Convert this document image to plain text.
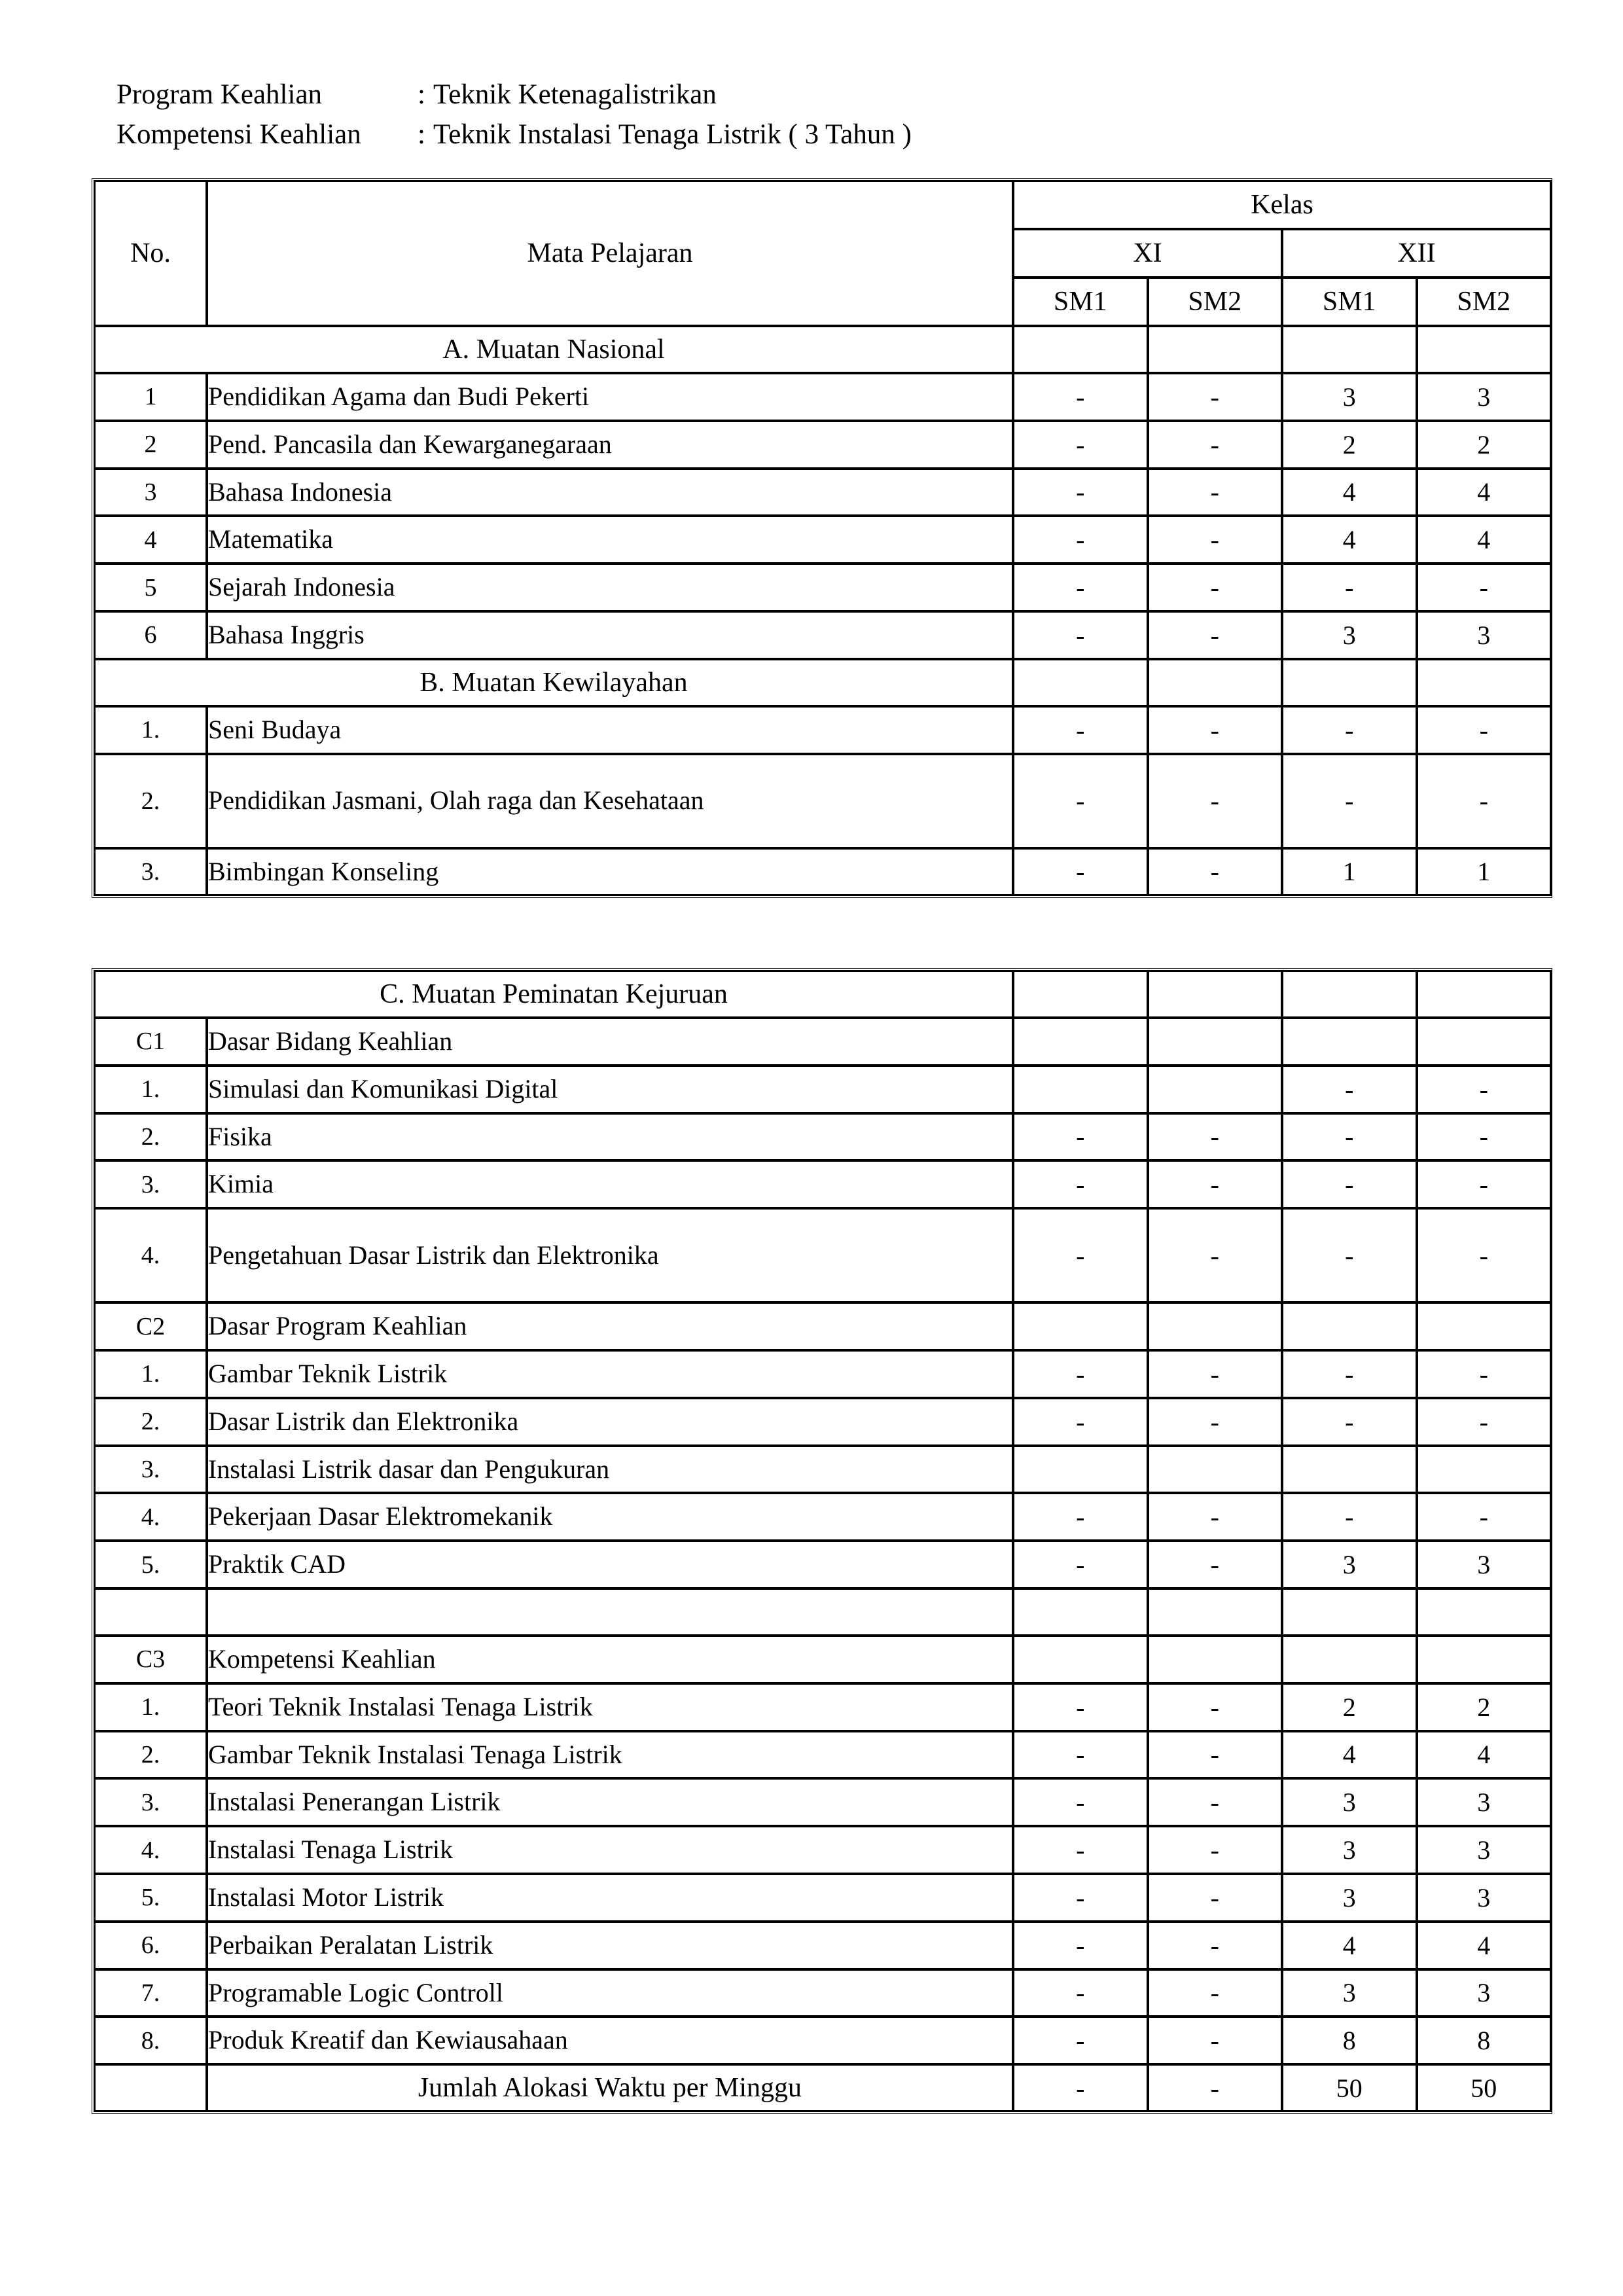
Program Keahlian	: Teknik Ketenagalistrikan
Kompetensi Keahlian	: Teknik Instalasi Tenaga Listrik ( 3 Tahun )
No.	Mata Pelajaran	Kelas			
		XI		XII	
		SM1	SM2	SM1	SM2
A. Muatan Nasional					
1	Pendidikan Agama dan Budi Pekerti	-	-	3	3
2	Pend. Pancasila dan Kewarganegaraan	-	-	2	2
3	Bahasa Indonesia	-	-	4	4
4	Matematika	-	-	4	4
5	Sejarah Indonesia	-	-	-	-
6	Bahasa Inggris	-	-	3	3
B. Muatan Kewilayahan					
1.	Seni Budaya	-	-	-	-
2.	Pendidikan Jasmani, Olah raga dan Kesehataan	-	-	-	-
3.	Bimbingan Konseling	-	-	1	1
C. Muatan Peminatan Kejuruan					
C1	Dasar Bidang Keahlian				
1.	Simulasi dan Komunikasi Digital			-	-
2.	Fisika	-	-	-	-
3.	Kimia	-	-	-	-
4.	Pengetahuan Dasar Listrik dan Elektronika	-	-	-	-
C2	Dasar Program Keahlian				
1.	Gambar Teknik Listrik	-	-	-	-
2.	Dasar Listrik dan Elektronika	-	-	-	-
3.	Instalasi Listrik dasar dan Pengukuran				
4.	Pekerjaan Dasar Elektromekanik	-	-	-	-
5.	Praktik CAD	-	-	3	3

C3	Kompetensi Keahlian				
1.	Teori Teknik Instalasi Tenaga Listrik	-	-	2	2
2.	Gambar Teknik Instalasi Tenaga Listrik	-	-	4	4
3.	Instalasi Penerangan Listrik	-	-	3	3
4.	Instalasi Tenaga Listrik	-	-	3	3
5.	Instalasi Motor Listrik	-	-	3	3
6.	Perbaikan Peralatan Listrik	-	-	4	4
7.	Programable Logic Controll	-	-	3	3
8.	Produk Kreatif dan Kewiausahaan	-	-	8	8
	Jumlah Alokasi Waktu per Minggu	-	-	50	50
